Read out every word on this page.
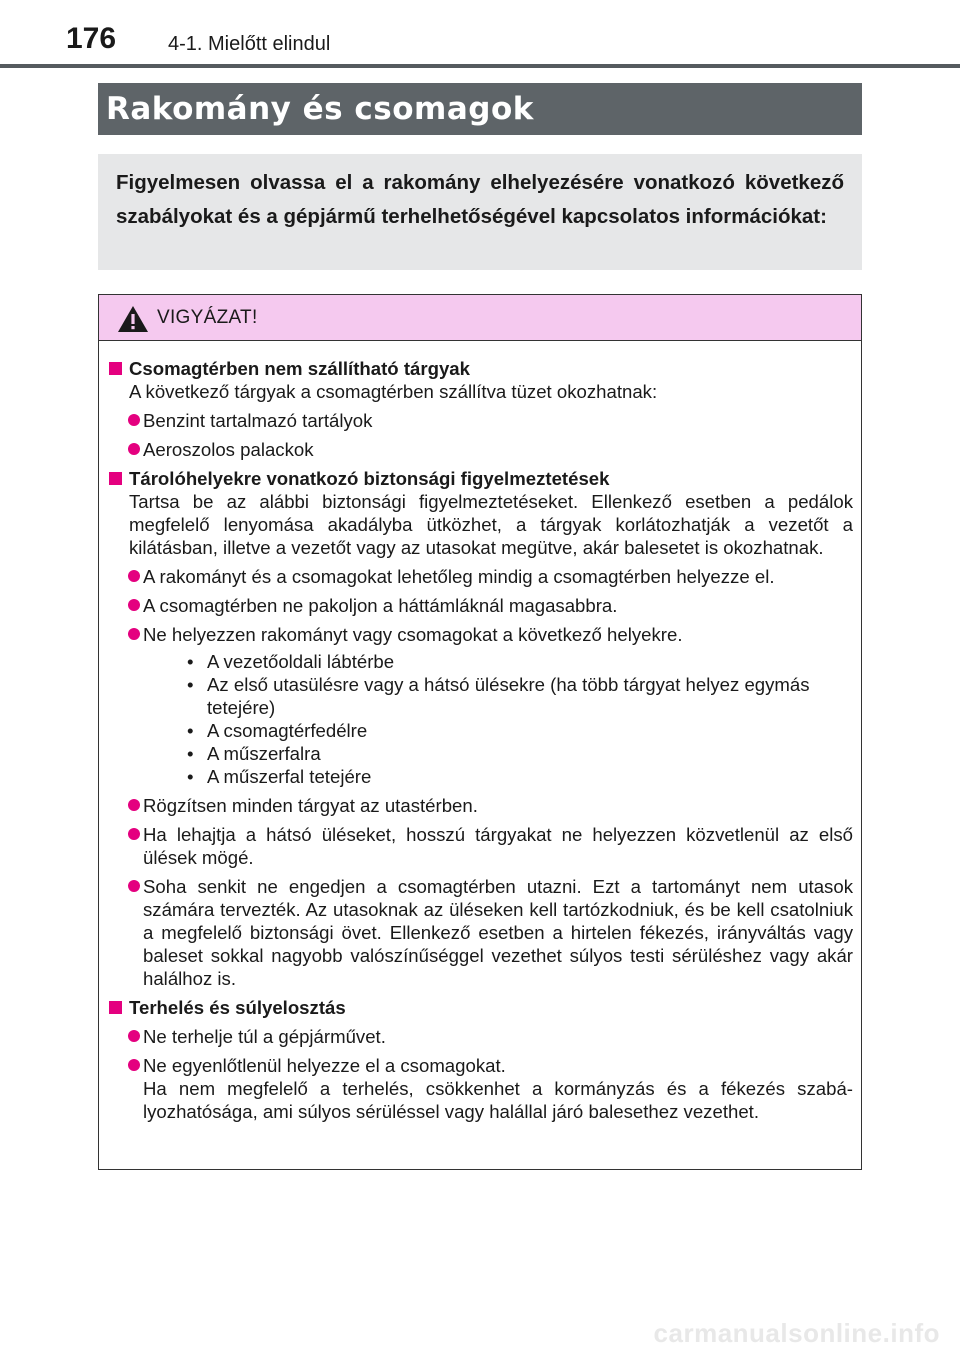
176	4-1. Mielőtt elindul
Rakomány és csomagok
Figyelmesen olvassa el a rakomány elhelyezésére vonatkozó következő szabályokat és a gépjármű terhelhetőségével kapcsolatos információkat:
VIGYÁZAT!
Csomagtérben nem szállítható tárgyak
A következő tárgyak a csomagtérben szállítva tüzet okozhatnak:
Benzint tartalmazó tartályok
Aeroszolos palackok
Tárolóhelyekre vonatkozó biztonsági figyelmeztetések
Tartsa be az alábbi biztonsági figyelmeztetéseket. Ellenkező esetben a pedálok megfelelő lenyomása akadályba ütközhet, a tárgyak korlátozhatják a vezetőt a kilátásban, illetve a vezetőt vagy az utasokat megütve, akár balesetet is okozhatnak.
A rakományt és a csomagokat lehetőleg mindig a csomagtérben helyezze el.
A csomagtérben ne pakoljon a háttámláknál magasabbra.
Ne helyezzen rakományt vagy csomagokat a következő helyekre.
• A vezetőoldali lábtérbe
• Az első utasülésre vagy a hátsó ülésekre (ha több tárgyat helyez egymás tetejére)
• A csomagtérfedélre
• A műszerfalra
• A műszerfal tetejére
Rögzítsen minden tárgyat az utastérben.
Ha lehajtja a hátsó üléseket, hosszú tárgyakat ne helyezzen közvetlenül az első ülések mögé.
Soha senkit ne engedjen a csomagtérben utazni. Ezt a tartományt nem utasok számára tervezték. Az utasoknak az üléseken kell tartózkodniuk, és be kell csatolniuk a megfelelő biztonsági övet. Ellenkező esetben a hirtelen fékezés, irányváltás vagy baleset sokkal nagyobb valószínűséggel vezethet súlyos testi sérüléshez vagy akár halálhoz is.
Terhelés és súlyelosztás
Ne terhelje túl a gépjárművet.
Ne egyenlőtlenül helyezze el a csomagokat.
Ha nem megfelelő a terhelés, csökkenhet a kormányzás és a fékezés szabályozhatósága, ami súlyos sérüléssel vagy halállal járó balesethez vezethet.
carmanualsonline.info
